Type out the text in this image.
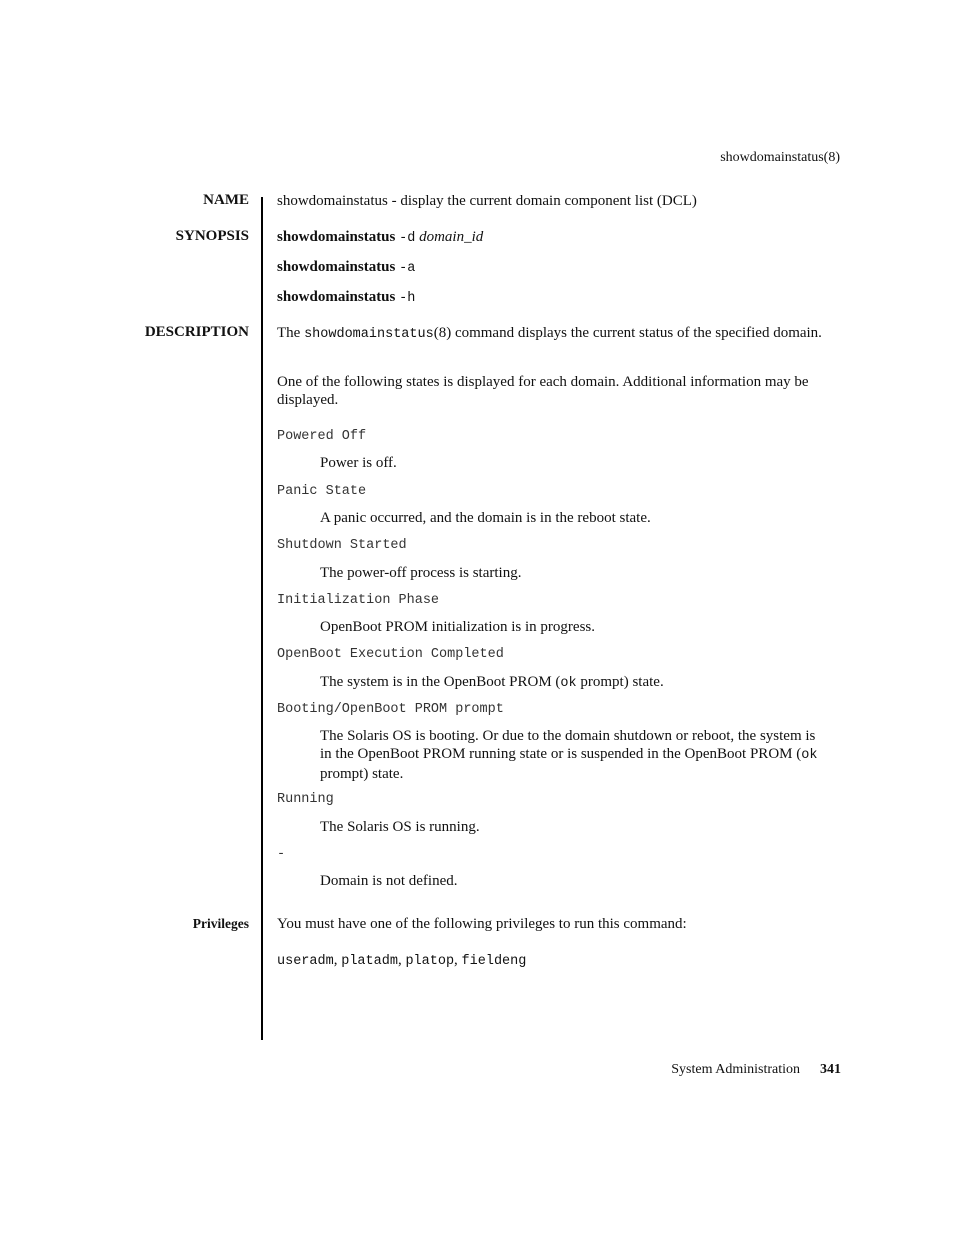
showdomainstatus(8)
NAME showdomainstatus - display the current domain component list (DCL)
SYNOPSIS showdomainstatus -d domain_id
showdomainstatus -a
showdomainstatus -h
DESCRIPTION The showdomainstatus(8) command displays the current status of the specified domain.
One of the following states is displayed for each domain. Additional information may be displayed.
Powered Off
Power is off.
Panic State
A panic occurred, and the domain is in the reboot state.
Shutdown Started
The power-off process is starting.
Initialization Phase
OpenBoot PROM initialization is in progress.
OpenBoot Execution Completed
The system is in the OpenBoot PROM (ok prompt) state.
Booting/OpenBoot PROM prompt
The Solaris OS is booting. Or due to the domain shutdown or reboot, the system is in the OpenBoot PROM running state or is suspended in the OpenBoot PROM (ok prompt) state.
Running
The Solaris OS is running.
-
Domain is not defined.
Privileges You must have one of the following privileges to run this command:
useradm, platadm, platop, fieldeng
System Administration 341
